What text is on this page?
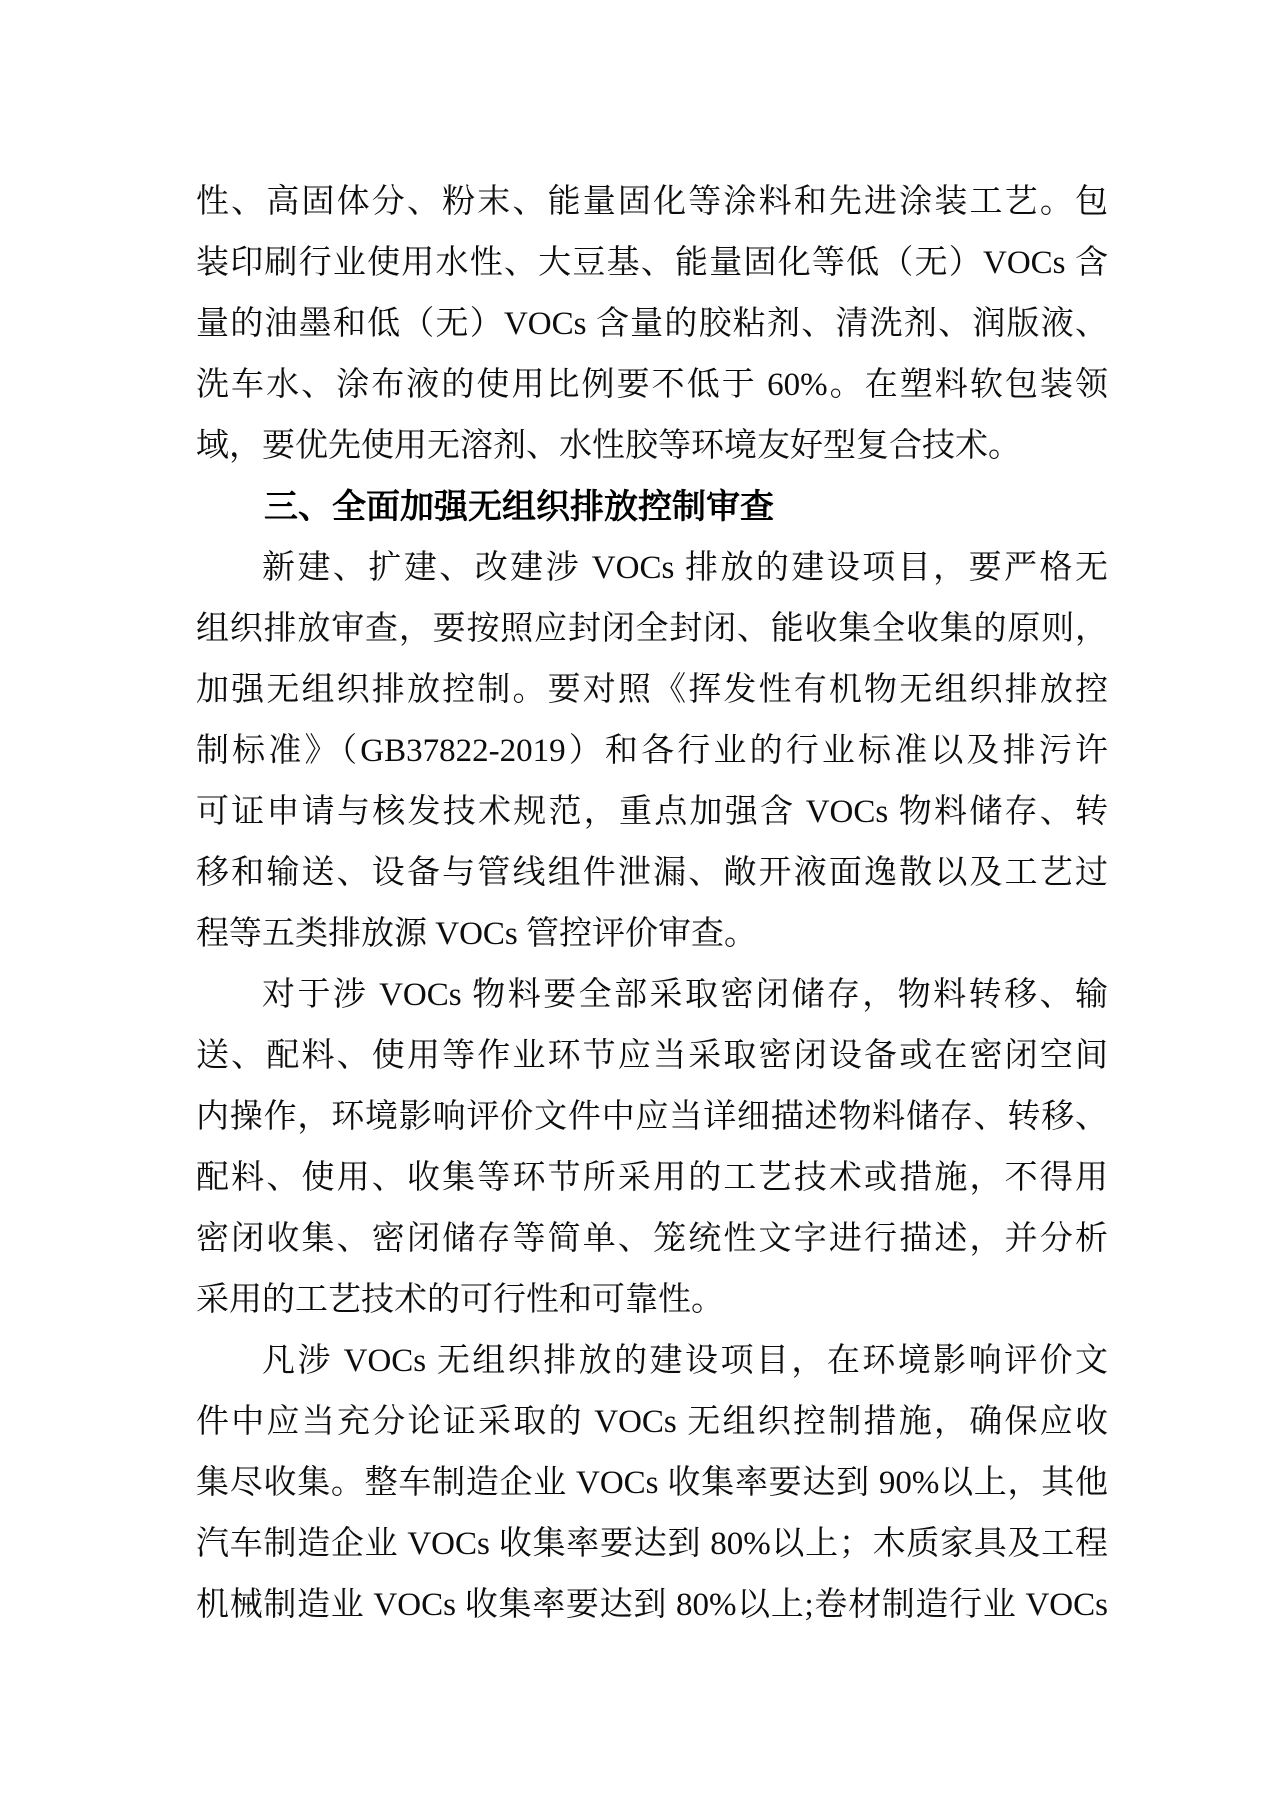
性、高固体分、粉末、能量固化等涂料和先进涂装工艺。包
装印刷行业使用水性、大豆基、能量固化等低（无）VOCs 含
量的油墨和低（无）VOCs 含量的胶粘剂、清洗剂、润版液、
洗车水、涂布液的使用比例要不低于 60%。在塑料软包装领
域，要优先使用无溶剂、水性胶等环境友好型复合技术。
三、全面加强无组织排放控制审查
新建、扩建、改建涉 VOCs 排放的建设项目，要严格无
组织排放审查，要按照应封闭全封闭、能收集全收集的原则，
加强无组织排放控制。要对照《挥发性有机物无组织排放控
制标准》（GB37822-2019）和各行业的行业标准以及排污许
可证申请与核发技术规范，重点加强含 VOCs 物料储存、转
移和输送、设备与管线组件泄漏、敞开液面逸散以及工艺过
程等五类排放源 VOCs 管控评价审查。
对于涉 VOCs 物料要全部采取密闭储存，物料转移、输
送、配料、使用等作业环节应当采取密闭设备或在密闭空间
内操作，环境影响评价文件中应当详细描述物料储存、转移、
配料、使用、收集等环节所采用的工艺技术或措施，不得用
密闭收集、密闭储存等简单、笼统性文字进行描述，并分析
采用的工艺技术的可行性和可靠性。
凡涉 VOCs 无组织排放的建设项目，在环境影响评价文
件中应当充分论证采取的 VOCs 无组织控制措施，确保应收
集尽收集。整车制造企业 VOCs 收集率要达到 90%以上，其他
汽车制造企业 VOCs 收集率要达到 80%以上；木质家具及工程
机械制造业 VOCs 收集率要达到 80%以上;卷材制造行业 VOCs
